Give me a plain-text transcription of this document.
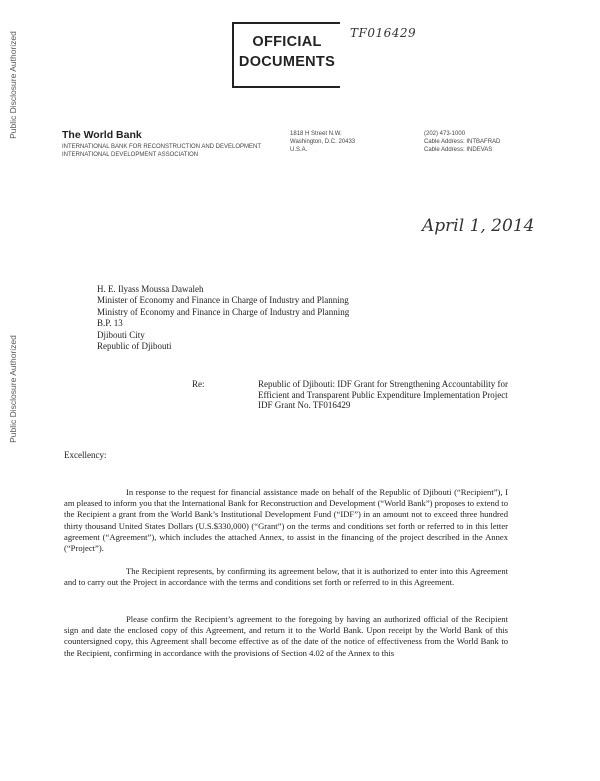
Public Disclosure Authorized
Public Disclosure Authorized
OFFICIAL
DOCUMENTS
TF016429
The World Bank
INTERNATIONAL BANK FOR RECONSTRUCTION AND DEVELOPMENT
INTERNATIONAL DEVELOPMENT ASSOCIATION
1818 H Street N.W.
Washington, D.C. 20433
U.S.A.
(202) 473-1000
Cable Address: INTBAFRAD
Cable Address: INDEVAS
April 1, 2014
H. E. Ilyass Moussa Dawaleh
Minister of Economy and Finance in Charge of Industry and Planning
Ministry of Economy and Finance in Charge of Industry and Planning
B.P. 13
Djibouti City
Republic of Djibouti
Re:	Republic of Djibouti: IDF Grant for Strengthening Accountability for Efficient and Transparent Public Expenditure Implementation Project
IDF Grant No. TF016429
Excellency:
In response to the request for financial assistance made on behalf of the Republic of Djibouti (“Recipient”), I am pleased to inform you that the International Bank for Reconstruction and Development (“World Bank”) proposes to extend to the Recipient a grant from the World Bank’s Institutional Development Fund (“IDF”) in an amount not to exceed three hundred thirty thousand United States Dollars (U.S.$330,000) (“Grant”) on the terms and conditions set forth or referred to in this letter agreement (“Agreement”), which includes the attached Annex, to assist in the financing of the project described in the Annex (“Project”).
The Recipient represents, by confirming its agreement below, that it is authorized to enter into this Agreement and to carry out the Project in accordance with the terms and conditions set forth or referred to in this Agreement.
Please confirm the Recipient’s agreement to the foregoing by having an authorized official of the Recipient sign and date the enclosed copy of this Agreement, and return it to the World Bank. Upon receipt by the World Bank of this countersigned copy, this Agreement shall become effective as of the date of the notice of effectiveness from the World Bank to the Recipient, confirming in accordance with the provisions of Section 4.02 of the Annex to this
